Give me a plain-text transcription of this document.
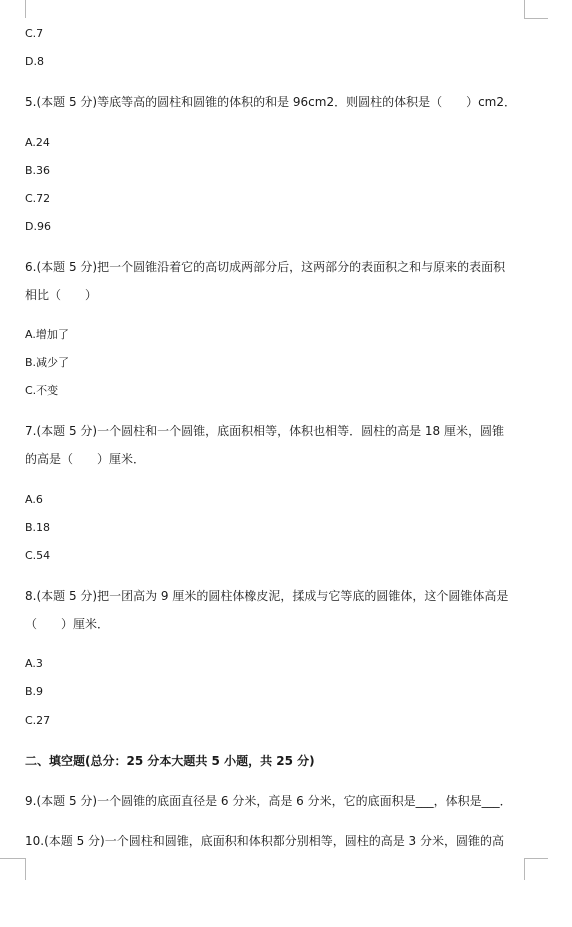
C.7

D.8

5.(本题 5 分)等底等高的圆柱和圆锥的体积的和是 96cm2．则圆柱的体积是（　　）cm2．

A.24

B.36

C.72

D.96

6.(本题 5 分)把一个圆锥沿着它的高切成两部分后，这两部分的表面积之和与原来的表面积

相比（　　）

A.增加了

B.减少了

C.不变

7.(本题 5 分)一个圆柱和一个圆锥，底面积相等，体积也相等．圆柱的高是 18 厘米，圆锥

的高是（　　）厘米．

A.6

B.18

C.54

8.(本题 5 分)把一团高为 9 厘米的圆柱体橡皮泥，揉成与它等底的圆锥体，这个圆锥体高是

（　　）厘米．

A.3

B.9

C.27

二、填空题(总分：25 分本大题共 5 小题，共 25 分)

9.(本题 5 分)一个圆锥的底面直径是 6 分米，高是 6 分米，它的底面积是___，体积是___．

10.(本题 5 分)一个圆柱和圆锥，底面积和体积都分别相等，圆柱的高是 3 分米，圆锥的高
